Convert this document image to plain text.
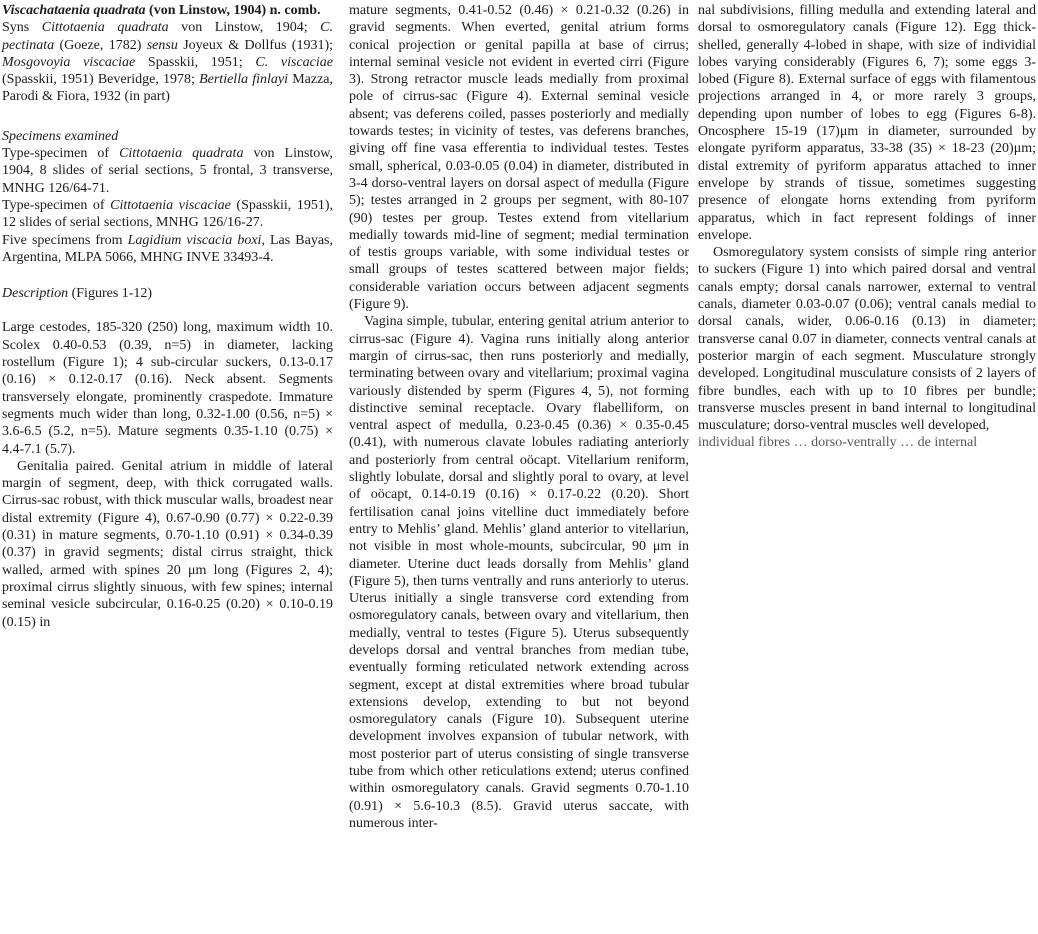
Viscachataenia quadrata (von Linstow, 1904) n. comb.

Syns Cittotaenia quadrata von Linstow, 1904; C. pectinata (Goeze, 1782) sensu Joyeux & Dollfus (1931); Mosgovoyia viscaciae Spasskii, 1951; C. viscaciae (Spasskii, 1951) Beveridge, 1978; Bertiella finlayi Mazza, Parodi & Fiora, 1932 (in part)

Specimens examined

Type-specimen of Cittotaenia quadrata von Linstow, 1904, 8 slides of serial sections, 5 frontal, 3 transverse, MNHG 126/64-71.

Type-specimen of Cittotaenia viscaciae (Spasskii, 1951), 12 slides of serial sections, MNHG 126/16-27.

Five specimens from Lagidium viscacia boxi, Las Bayas, Argentina, MLPA 5066, MHNG INVE 33493-4.

Description (Figures 1-12)

Large cestodes, 185-320 (250) long, maximum width 10. Scolex 0.40-0.53 (0.39, n=5) in diameter, lacking rostellum (Figure 1); 4 sub-circular suckers, 0.13-0.17 (0.16) × 0.12-0.17 (0.16). Neck absent. Segments transversely elongate, prominently craspedote. Immature segments much wider than long, 0.32-1.00 (0.56, n=5) × 3.6-6.5 (5.2, n=5). Mature segments 0.35-1.10 (0.75) × 4.4-7.1 (5.7).

Genitalia paired. Genital atrium in middle of lateral margin of segment, deep, with thick corrugated walls. Cirrus-sac robust, with thick muscular walls, broadest near distal extremity (Figure 4), 0.67-0.90 (0.77) × 0.22-0.39 (0.31) in mature segments, 0.70-1.10 (0.91) × 0.34-0.39 (0.37) in gravid segments; distal cirrus straight, thick walled, armed with spines 20 μm long (Figures 2, 4); proximal cirrus slightly sinuous, with few spines; internal seminal vesicle subcircular, 0.16-0.25 (0.20) × 0.10-0.19 (0.15) in

mature segments, 0.41-0.52 (0.46) × 0.21-0.32 (0.26) in gravid segments. When everted, genital atrium forms conical projection or genital papilla at base of cirrus; internal seminal vesicle not evident in everted cirri (Figure 3). Strong retractor muscle leads medially from proximal pole of cirrus-sac (Figure 4). External seminal vesicle absent; vas deferens coiled, passes posteriorly and medially towards testes; in vicinity of testes, vas deferens branches, giving off fine vasa efferentia to individual testes. Testes small, spherical, 0.03-0.05 (0.04) in diameter, distributed in 3-4 dorso-ventral layers on dorsal aspect of medulla (Figure 5); testes arranged in 2 groups per segment, with 80-107 (90) testes per group. Testes extend from vitellarium medially towards mid-line of segment; medial termination of testis groups variable, with some individual testes or small groups of testes scattered between major fields; considerable variation occurs between adjacent segments (Figure 9).

Vagina simple, tubular, entering genital atrium anterior to cirrus-sac (Figure 4). Vagina runs initially along anterior margin of cirrus-sac, then runs posteriorly and medially, terminating between ovary and vitellarium; proximal vagina variously distended by sperm (Figures 4, 5), not forming distinctive seminal receptacle. Ovary flabelliform, on ventral aspect of medulla, 0.23-0.45 (0.36) × 0.35-0.45 (0.41), with numerous clavate lobules radiating anteriorly and posteriorly from central oöcapt. Vitellarium reniform, slightly lobulate, dorsal and slightly poral to ovary, at level of oöcapt, 0.14-0.19 (0.16) × 0.17-0.22 (0.20). Short fertilisation canal joins vitelline duct immediately before entry to Mehlis’ gland. Mehlis’ gland anterior to vitellariun, not visible in most whole-mounts, subcircular, 90 μm in diameter. Uterine duct leads dorsally from Mehlis’ gland (Figure 5), then turns ventrally and runs anteriorly to uterus. Uterus initially a single transverse cord extending from osmoregulatory canals, between ovary and vitellarium, then medially, ventral to testes (Figure 5). Uterus subsequently develops dorsal and ventral branches from median tube, eventually forming reticulated network extending across segment, except at distal extremities where broad tubular extensions develop, extending to but not beyond osmoregulatory canals (Figure 10). Subsequent uterine development involves expansion of tubular network, with most posterior part of uterus consisting of single transverse tube from which other reticulations extend; uterus confined within osmoregulatory canals. Gravid segments 0.70-1.10 (0.91) × 5.6-10.3 (8.5). Gravid uterus saccate, with numerous inter-

nal subdivisions, filling medulla and extending lateral and dorsal to osmoregulatory canals (Figure 12). Egg thick-shelled, generally 4-lobed in shape, with size of individial lobes varying considerably (Figures 6, 7); some eggs 3-lobed (Figure 8). External surface of eggs with filamentous projections arranged in 4, or more rarely 3 groups, depending upon number of lobes to egg (Figures 6-8). Oncosphere 15-19 (17)μm in diameter, surrounded by elongate pyriform apparatus, 33-38 (35) × 18-23 (20)μm; distal extremity of pyriform apparatus attached to inner envelope by strands of tissue, sometimes suggesting presence of elongate horns extending from pyriform apparatus, which in fact represent foldings of inner envelope.

Osmoregulatory system consists of simple ring anterior to suckers (Figure 1) into which paired dorsal and ventral canals empty; dorsal canals narrower, external to ventral canals, diameter 0.03-0.07 (0.06); ventral canals medial to dorsal canals, wider, 0.06-0.16 (0.13) in diameter; transverse canal 0.07 in diameter, connects ventral canals at posterior margin of each segment. Musculature strongly developed. Longitudinal musculature consists of 2 layers of fibre bundles, each with up to 10 fibres per bundle; transverse muscles present in band internal to longitudinal musculature; dorso-ventral muscles well developed,

individual fibres … dorso-ventrally … de internal
